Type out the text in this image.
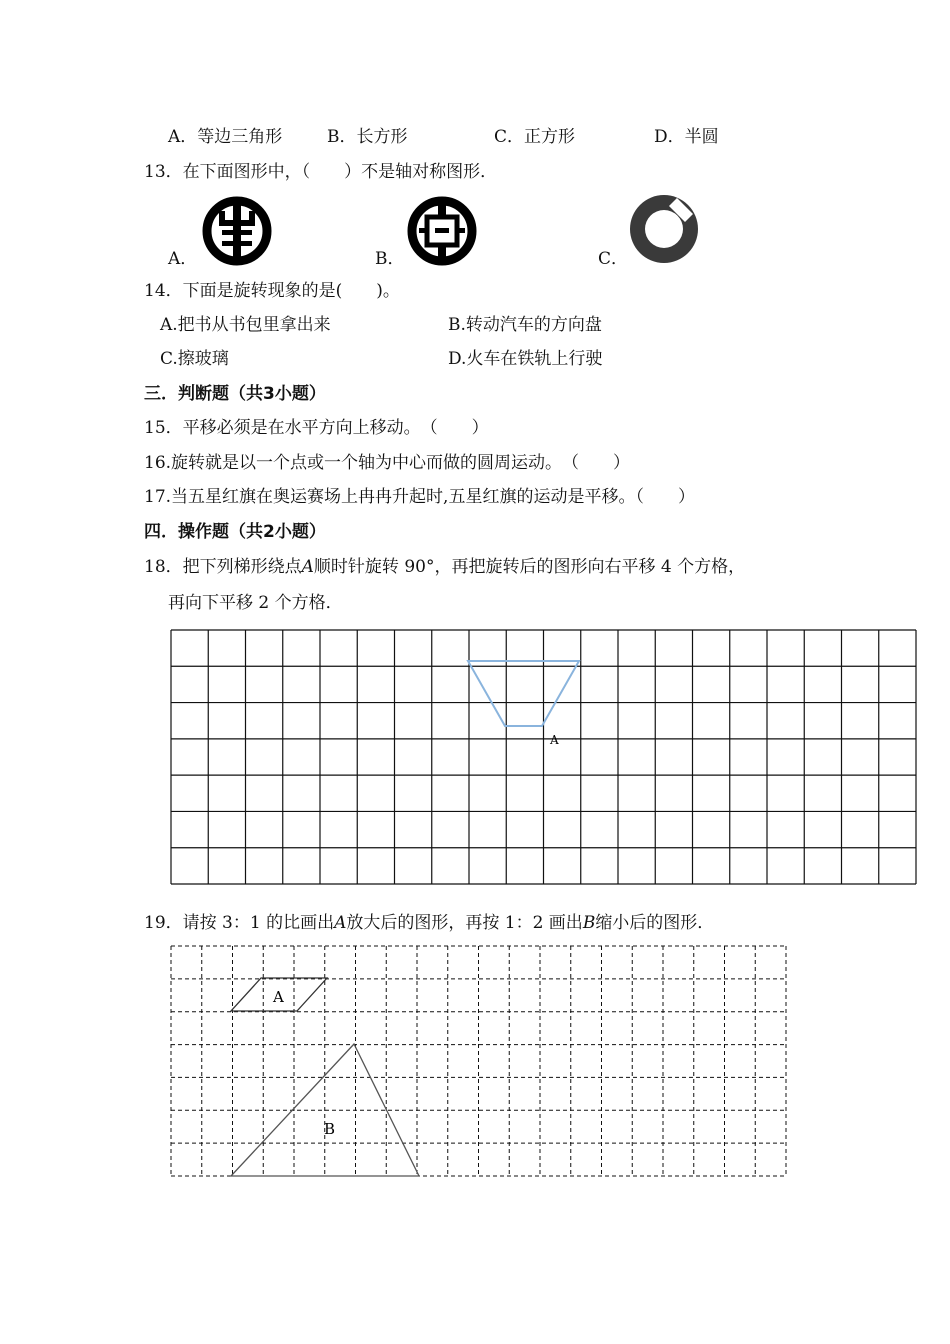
A．等边三角形	B．长方形	C．正方形	D．半圆
13．在下面图形中，（　　）不是轴对称图形．
A．	B．	C．
14．下面是旋转现象的是(　　)。
A.把书从书包里拿出来	B.转动汽车的方向盘
C.擦玻璃	D.火车在铁轨上行驶
三．判断题（共3小题）
15．平移必须是在水平方向上移动。　（　　）
16.旋转就是以一个点或一个轴为中心而做的圆周运动。　（　　）
17.当五星红旗在奥运赛场上冉冉升起时,五星红旗的运动是平移。（　　）
四．操作题（共2小题）
18．把下列梯形绕点A顺时针旋转 90°，再把旋转后的图形向右平移 4 个方格，
再向下平移 2 个方格．
A
19．请按 3：1 的比画出A放大后的图形，再按 1：2 画出B缩小后的图形．
A
B
